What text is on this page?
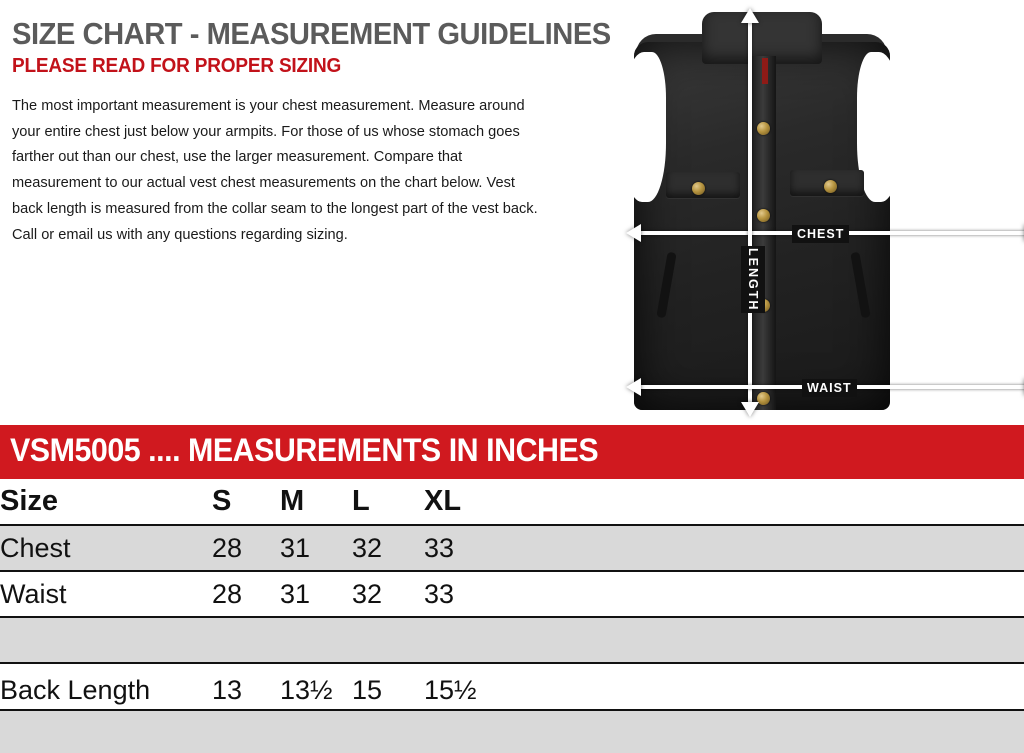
SIZE CHART - MEASUREMENT GUIDELINES
PLEASE READ FOR PROPER SIZING

The most important measurement is your chest measurement. Measure around your entire chest just below your armpits. For those of us whose stomach goes farther out than our chest, use the larger measurement. Compare that measurement to our actual vest chest measurements on the chart below. Vest back length is measured from the collar seam to the longest part of the vest back. Call or email us with any questions regarding sizing.	CHEST
LENGTH
WAIST
VSM5005 .... MEASUREMENTS IN INCHES
Size	S	M	L	XL	
Chest	28	31	32	33	
Waist	28	31	32	33	

Back Length	13	13½	15	15½	
